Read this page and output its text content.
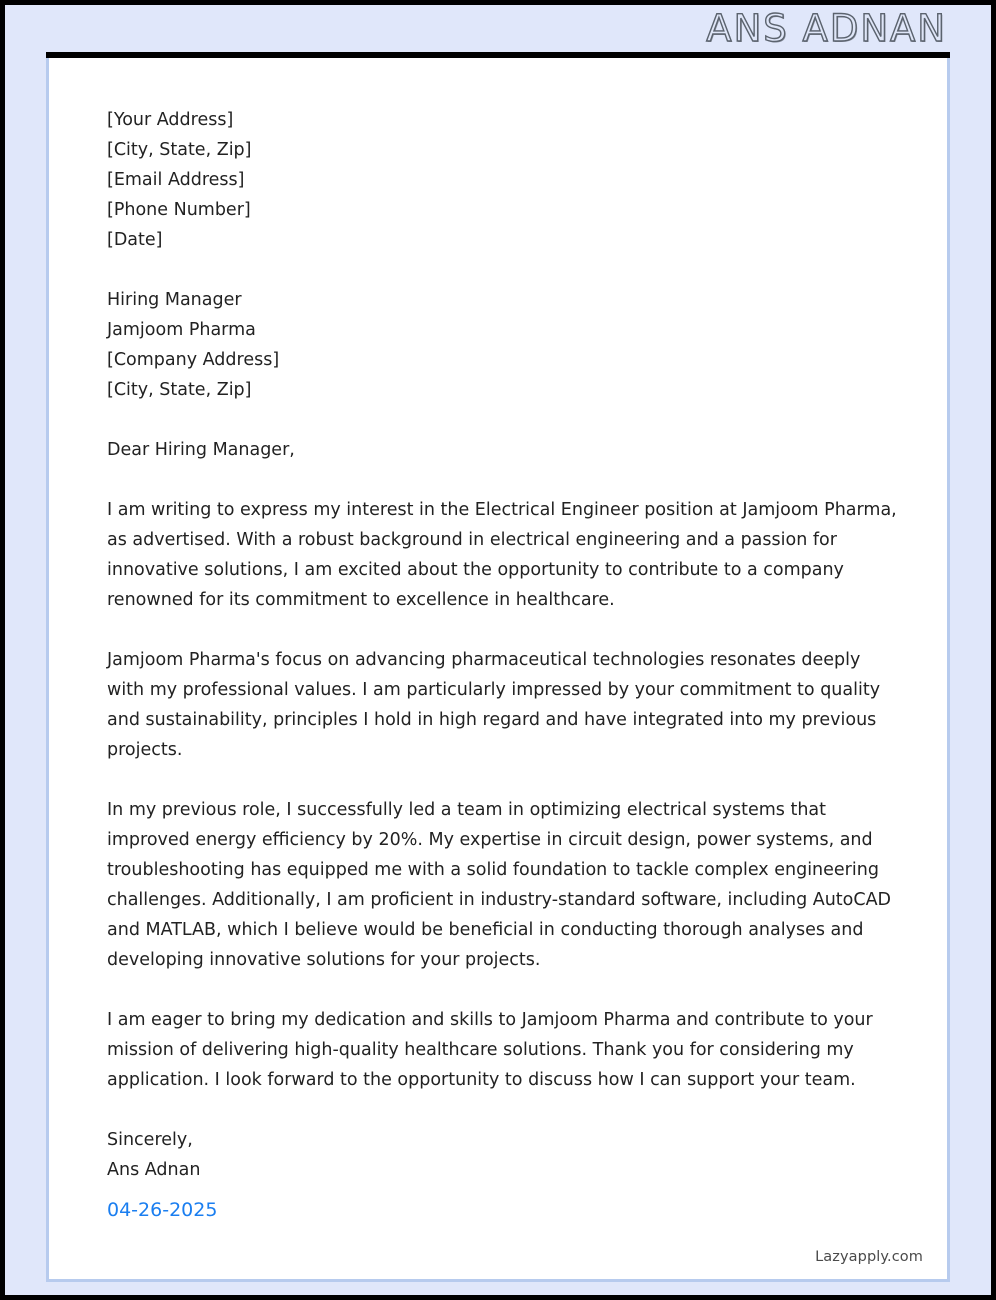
ANS ADNAN
[Your Address]
[City, State, Zip]
[Email Address]
[Phone Number]
[Date]
Hiring Manager
Jamjoom Pharma
[Company Address]
[City, State, Zip]

Dear Hiring Manager,

I am writing to express my interest in the Electrical Engineer position at Jamjoom Pharma, as advertised. With a robust background in electrical engineering and a passion for innovative solutions, I am excited about the opportunity to contribute to a company renowned for its commitment to excellence in healthcare.

Jamjoom Pharma's focus on advancing pharmaceutical technologies resonates deeply with my professional values. I am particularly impressed by your commitment to quality and sustainability, principles I hold in high regard and have integrated into my previous projects.

In my previous role, I successfully led a team in optimizing electrical systems that improved energy efficiency by 20%. My expertise in circuit design, power systems, and troubleshooting has equipped me with a solid foundation to tackle complex engineering challenges. Additionally, I am proficient in industry-standard software, including AutoCAD and MATLAB, which I believe would be beneficial in conducting thorough analyses and developing innovative solutions for your projects.

I am eager to bring my dedication and skills to Jamjoom Pharma and contribute to your mission of delivering high-quality healthcare solutions. Thank you for considering my application. I look forward to the opportunity to discuss how I can support your team.

Sincerely,
Ans Adnan
04-26-2025
Lazyapply.com
